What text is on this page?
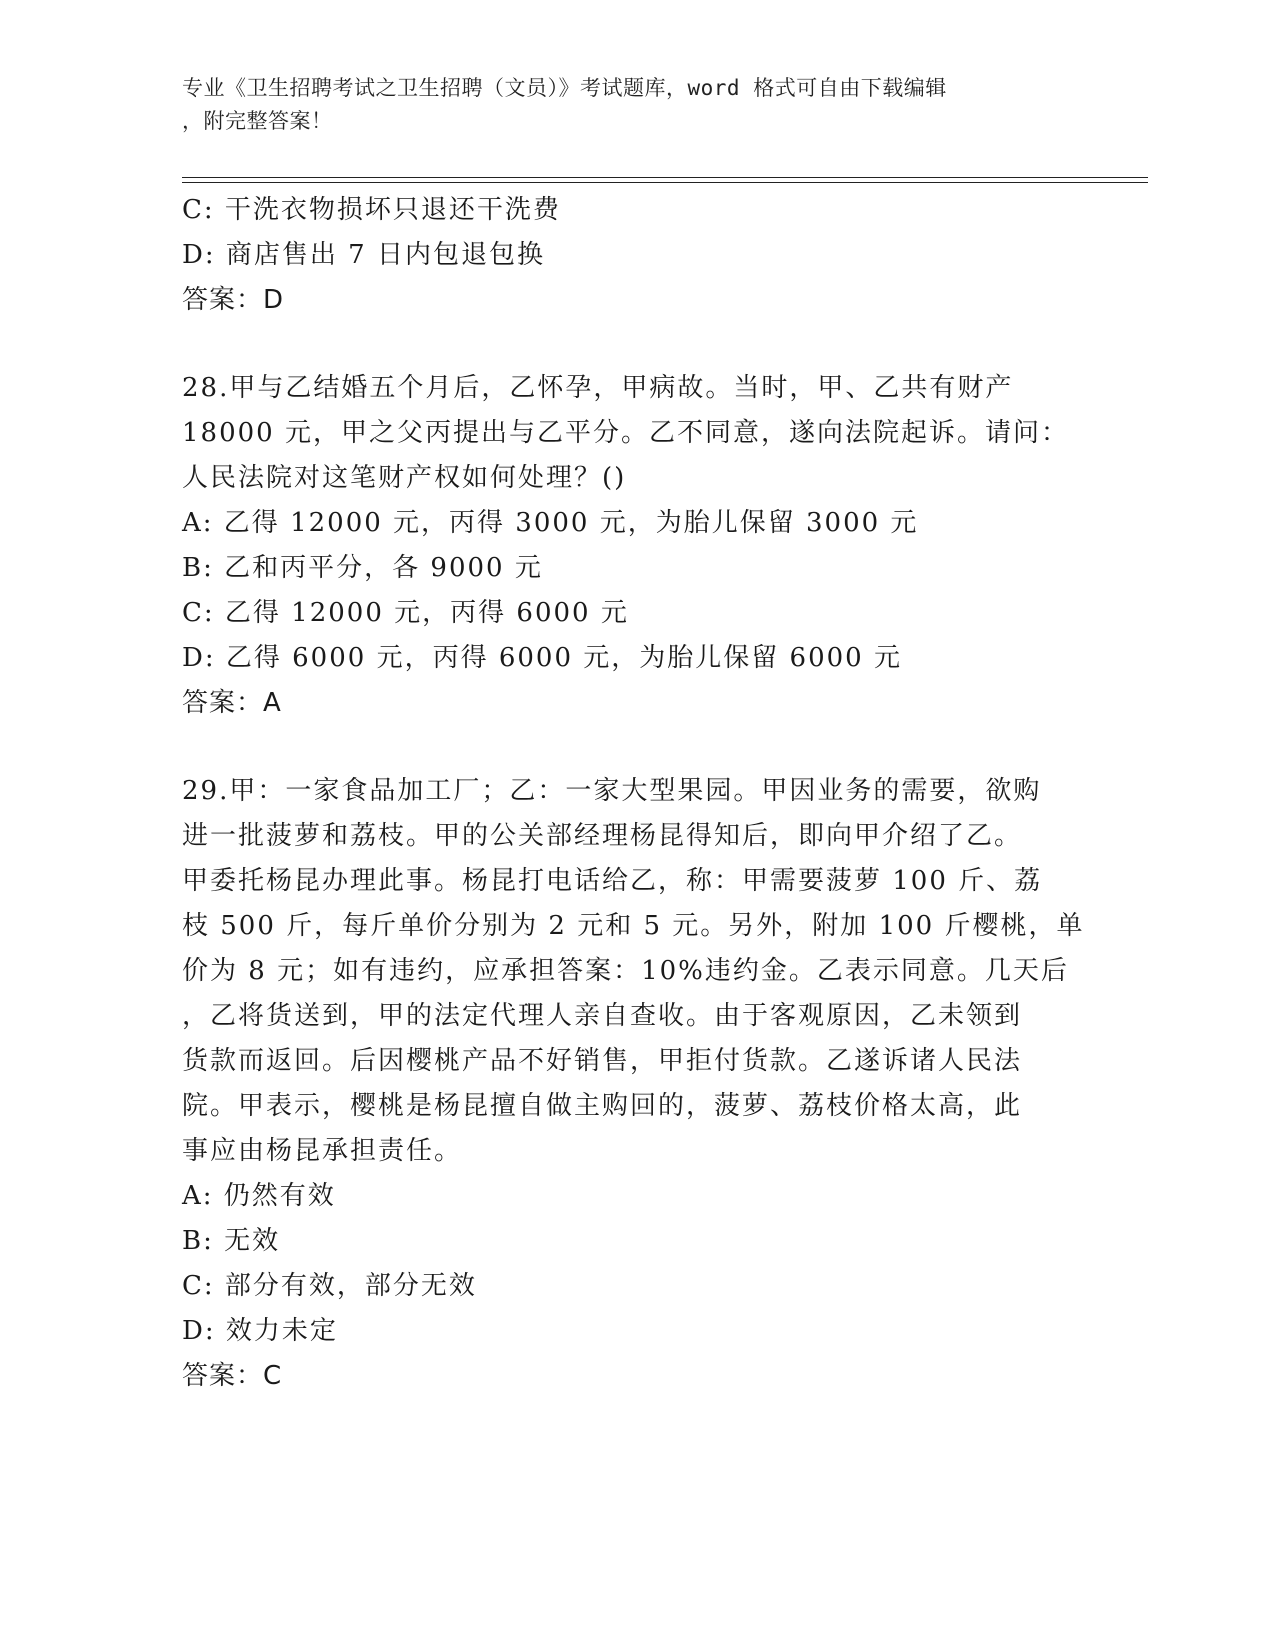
专业《卫生招聘考试之卫生招聘（文员）》考试题库，word 格式可自由下载编辑
，附完整答案！
C: 干洗衣物损坏只退还干洗费
D: 商店售出 7 日内包退包换
答案：D
28.甲与乙结婚五个月后，乙怀孕，甲病故。当时，甲、乙共有财产
18000 元，甲之父丙提出与乙平分。乙不同意，遂向法院起诉。请问：
人民法院对这笔财产权如何处理？()
A: 乙得 12000 元，丙得 3000 元，为胎儿保留 3000 元
B: 乙和丙平分，各 9000 元
C: 乙得 12000 元，丙得 6000 元
D: 乙得 6000 元，丙得 6000 元，为胎儿保留 6000 元
答案：A
29.甲：一家食品加工厂；乙：一家大型果园。甲因业务的需要，欲购
进一批菠萝和荔枝。甲的公关部经理杨昆得知后，即向甲介绍了乙。
甲委托杨昆办理此事。杨昆打电话给乙，称：甲需要菠萝 100 斤、荔
枝 500 斤，每斤单价分别为 2 元和 5 元。另外，附加 100 斤樱桃，单
价为 8 元；如有违约，应承担答案：10%违约金。乙表示同意。几天后
，乙将货送到，甲的法定代理人亲自查收。由于客观原因，乙未领到
货款而返回。后因樱桃产品不好销售，甲拒付货款。乙遂诉诸人民法
院。甲表示，樱桃是杨昆擅自做主购回的，菠萝、荔枝价格太高，此
事应由杨昆承担责任。
A: 仍然有效
B: 无效
C: 部分有效，部分无效
D: 效力未定
答案：C
